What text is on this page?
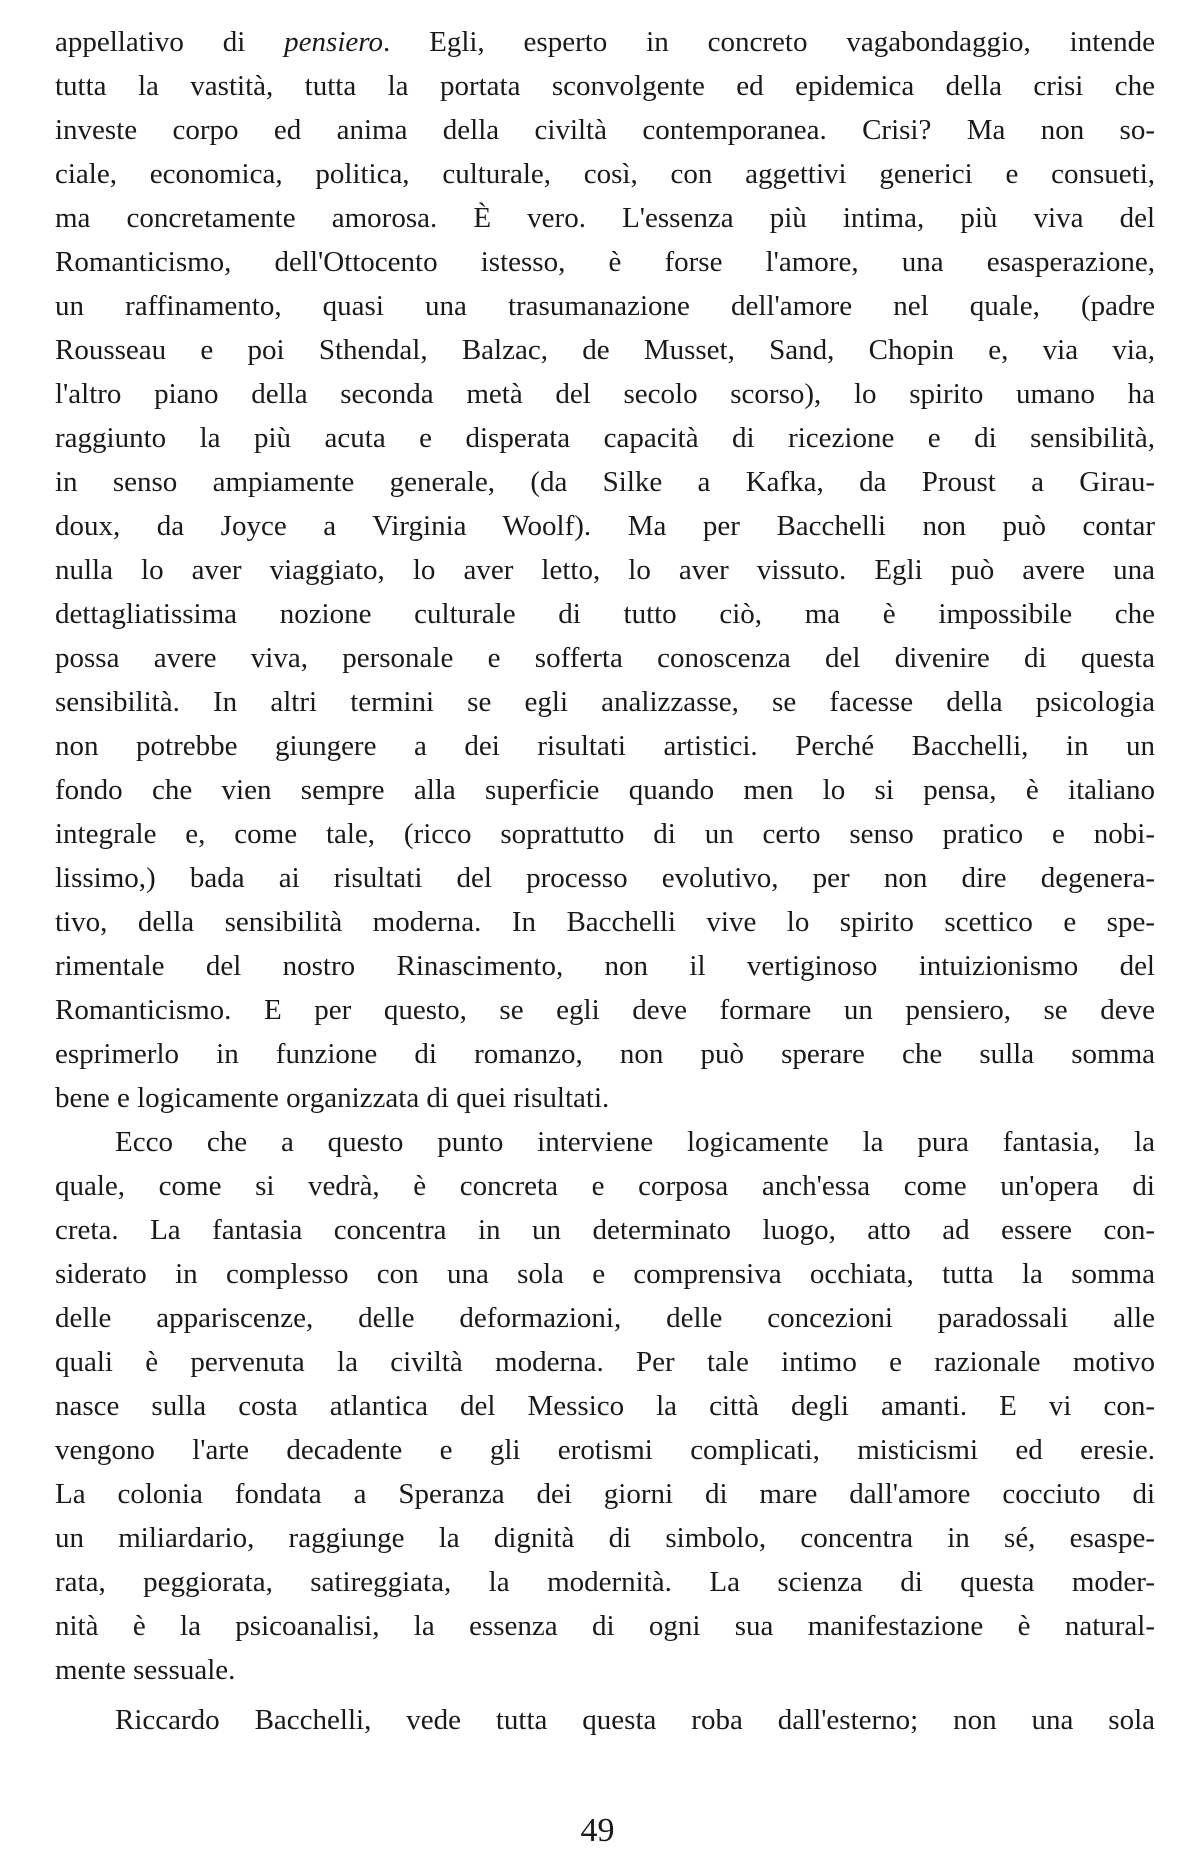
appellativo di pensiero. Egli, esperto in concreto vagabondaggio, intende
tutta la vastità, tutta la portata sconvolgente ed epidemica della crisi che
investe corpo ed anima della civiltà contemporanea. Crisi? Ma non so-
ciale, economica, politica, culturale, così, con aggettivi generici e consueti,
ma concretamente amorosa. È vero. L'essenza più intima, più viva del
Romanticismo, dell'Ottocento istesso, è forse l'amore, una esasperazione,
un raffinamento, quasi una trasumanazione dell'amore nel quale, (padre
Rousseau e poi Sthendal, Balzac, de Musset, Sand, Chopin e, via via,
l'altro piano della seconda metà del secolo scorso), lo spirito umano ha
raggiunto la più acuta e disperata capacità di ricezione e di sensibilità,
in senso ampiamente generale, (da Silke a Kafka, da Proust a Girau-
doux, da Joyce a Virginia Woolf). Ma per Bacchelli non può contar
nulla lo aver viaggiato, lo aver letto, lo aver vissuto. Egli può avere una
dettagliatissima nozione culturale di tutto ciò, ma è impossibile che
possa avere viva, personale e sofferta conoscenza del divenire di questa
sensibilità. In altri termini se egli analizzasse, se facesse della psicologia
non potrebbe giungere a dei risultati artistici. Perché Bacchelli, in un
fondo che vien sempre alla superficie quando men lo si pensa, è italiano
integrale e, come tale, (ricco soprattutto di un certo senso pratico e nobi-
lissimo,) bada ai risultati del processo evolutivo, per non dire degenera-
tivo, della sensibilità moderna. In Bacchelli vive lo spirito scettico e spe-
rimentale del nostro Rinascimento, non il vertiginoso intuizionismo del
Romanticismo. E per questo, se egli deve formare un pensiero, se deve
esprimerlo in funzione di romanzo, non può sperare che sulla somma
bene e logicamente organizzata di quei risultati.
Ecco che a questo punto interviene logicamente la pura fantasia, la
quale, come si vedrà, è concreta e corposa anch'essa come un'opera di
creta. La fantasia concentra in un determinato luogo, atto ad essere con-
siderato in complesso con una sola e comprensiva occhiata, tutta la somma
delle appariscenze, delle deformazioni, delle concezioni paradossali alle
quali è pervenuta la civiltà moderna. Per tale intimo e razionale motivo
nasce sulla costa atlantica del Messico la città degli amanti. E vi con-
vengono l'arte decadente e gli erotismi complicati, misticismi ed eresie.
La colonia fondata a Speranza dei giorni di mare dall'amore cocciuto di
un miliardario, raggiunge la dignità di simbolo, concentra in sé, esaspe-
rata, peggiorata, satireggiata, la modernità. La scienza di questa moder-
nità è la psicoanalisi, la essenza di ogni sua manifestazione è natural-
mente sessuale.
Riccardo Bacchelli, vede tutta questa roba dall'esterno; non una sola
49
